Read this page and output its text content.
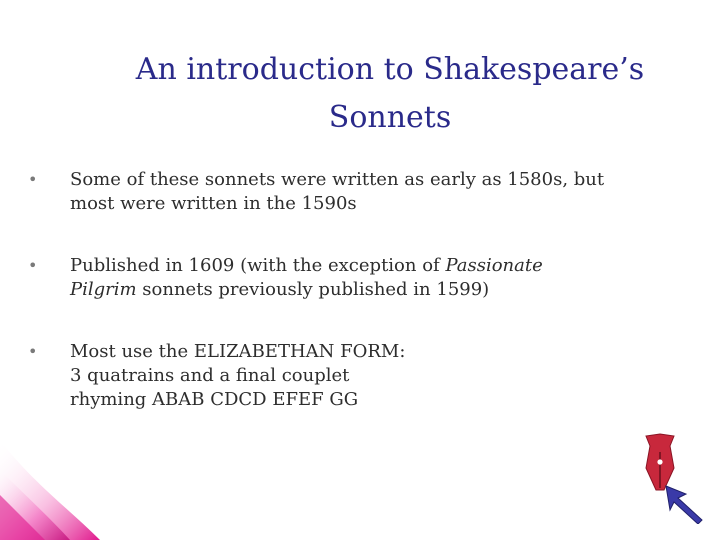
An introduction to Shakespeare’s
Sonnets
•	Some of these sonnets were written as early as 1580s, but
most were written in the 1590s
•	Published in 1609 (with the exception of Passionate
Pilgrim sonnets previously published in 1599)
•	Most use the ELIZABETHAN FORM:
3 quatrains and a final couplet
rhyming ABAB CDCD EFEF GG
